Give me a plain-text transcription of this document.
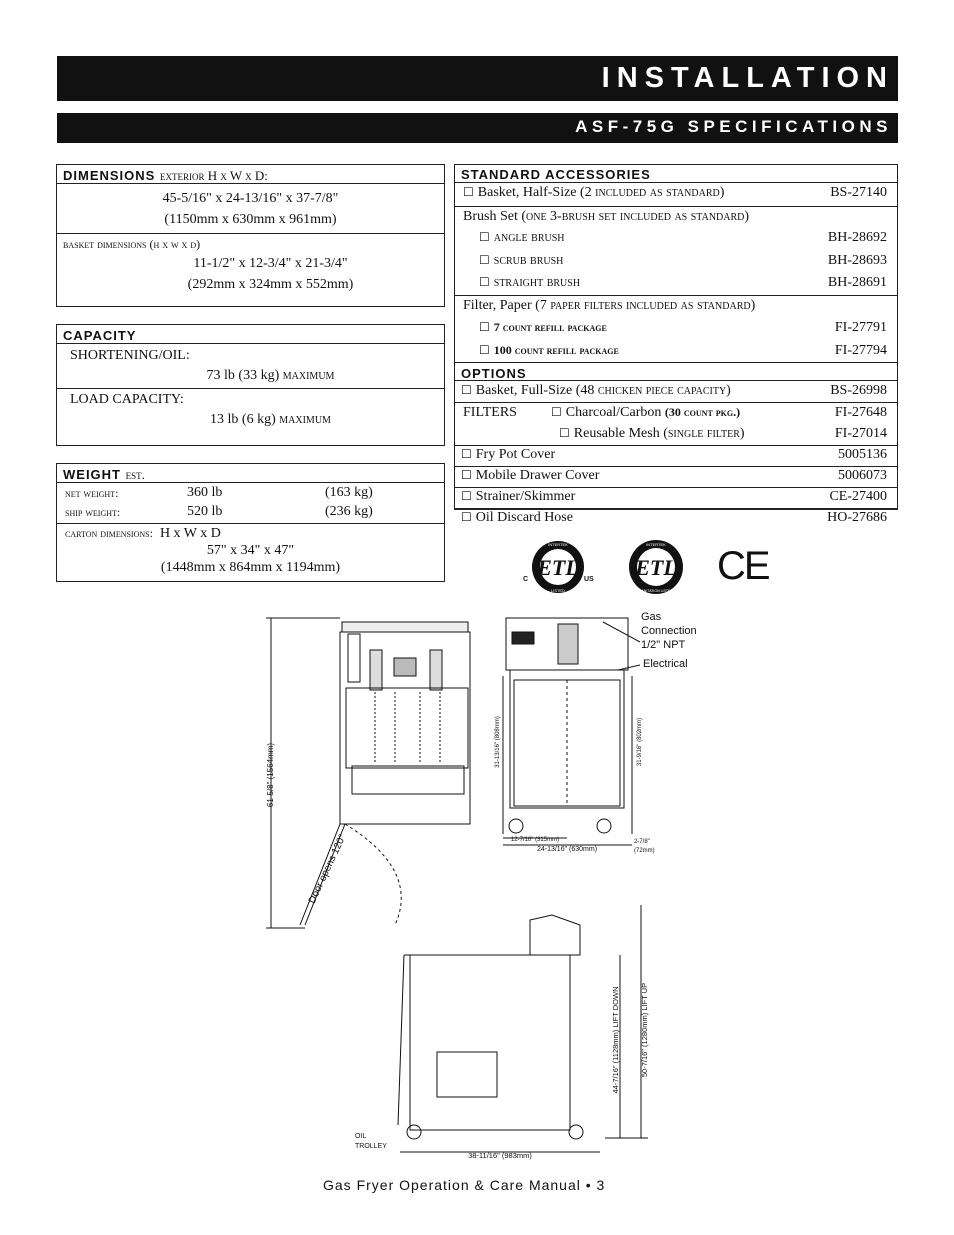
INSTALLATION
ASF-75G SPECIFICATIONS
DIMENSIONS exterior H x W x D:
45-5/16" x 24-13/16" x 37-7/8"
(1150mm x 630mm x 961mm)
basket dimensions (h x w x d)
11-1/2" x 12-3/4" x 21-3/4"
(292mm x 324mm x 552mm)
CAPACITY
SHORTENING/OIL:
73 lb (33 kg) maximum
LOAD CAPACITY:
13 lb (6 kg) maximum
WEIGHT est.
net weight:	360 lb	(163 kg)
ship weight:	520 lb	(236 kg)
carton dimensions: H x W x D
57" x 34" x 47"
(1448mm x 864mm x 1194mm)
STANDARD ACCESSORIES
☐ Basket, Half-Size (2 included as standard)	BS-27140
Brush Set (one 3-brush set included as standard)
☐ angle brush	BH-28692
☐ scrub brush	BH-28693
☐ straight brush	BH-28691
Filter, Paper (7 paper filters included as standard)
☐ 7 count refill package	FI-27791
☐ 100 count refill package	FI-27794
OPTIONS
☐ Basket, Full-Size (48 chicken piece capacity)	BS-26998
FILTERS	☐ Charcoal/Carbon (30 count pkg.)	FI-27648
☐ Reusable Mesh (single filter)	FI-27014
☐ Fry Pot Cover	5005136
☐ Mobile Drawer Cover	5006073
☐ Strainer/Skimmer	CE-27400
☐ Oil Discard Hose	HO-27686
ETL
INTERTEK
LISTED
C	US ETL
INTERTEK
SANITATION LISTED
CE
61-5/8" (1564mm)
Door opens 120°
Gas
Connection
1/2" NPT
Electrical
31-13/16" (808mm)	31-9/16" (802mm)
12-7/16" (315mm)
24-13/16" (630mm)
2-7/8"
(72mm)
44-7/16" (1128mm) LIFT DOWN	50-7/16" (1280mm) LIFT UP
OIL
TROLLEY
38-11/16" (983mm)
Gas Fryer Operation & Care Manual • 3
